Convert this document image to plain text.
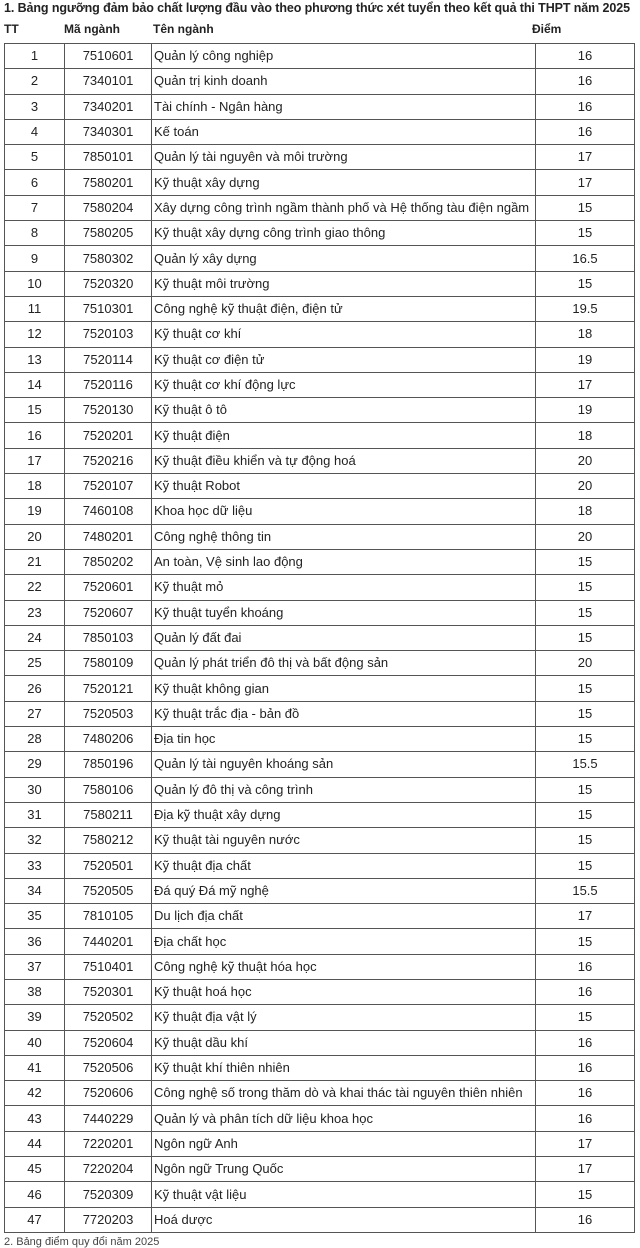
1. Bảng ngưỡng đảm bảo chất lượng đầu vào theo phương thức xét tuyển theo kết quả thi THPT năm 2025
TT	Mã ngành	Tên ngành	Điểm
1	7510601	Quản lý công nghiệp	16
2	7340101	Quản trị kinh doanh	16
3	7340201	Tài chính - Ngân hàng	16
4	7340301	Kế toán	16
5	7850101	Quản lý tài nguyên và môi trường	17
6	7580201	Kỹ thuật xây dựng	17
7	7580204	Xây dựng công trình ngầm thành phố và Hệ thống tàu điện ngầm	15
8	7580205	Kỹ thuật xây dựng công trình giao thông	15
9	7580302	Quản lý xây dựng	16.5
10	7520320	Kỹ thuật môi trường	15
11	7510301	Công nghệ kỹ thuật điện, điện tử	19.5
12	7520103	Kỹ thuật cơ khí	18
13	7520114	Kỹ thuật cơ điện tử	19
14	7520116	Kỹ thuật cơ khí động lực	17
15	7520130	Kỹ thuật ô tô	19
16	7520201	Kỹ thuật điện	18
17	7520216	Kỹ thuật điều khiển và tự động hoá	20
18	7520107	Kỹ thuật Robot	20
19	7460108	Khoa học dữ liệu	18
20	7480201	Công nghệ thông tin	20
21	7850202	An toàn, Vệ sinh lao động	15
22	7520601	Kỹ thuật mỏ	15
23	7520607	Kỹ thuật tuyển khoáng	15
24	7850103	Quản lý đất đai	15
25	7580109	Quản lý phát triển đô thị và bất động sản	20
26	7520121	Kỹ thuật không gian	15
27	7520503	Kỹ thuật trắc địa - bản đồ	15
28	7480206	Địa tin học	15
29	7850196	Quản lý tài nguyên khoáng sản	15.5
30	7580106	Quản lý đô thị và công trình	15
31	7580211	Địa kỹ thuật xây dựng	15
32	7580212	Kỹ thuật tài nguyên nước	15
33	7520501	Kỹ thuật địa chất	15
34	7520505	Đá quý Đá mỹ nghệ	15.5
35	7810105	Du lịch địa chất	17
36	7440201	Địa chất học	15
37	7510401	Công nghệ kỹ thuật hóa học	16
38	7520301	Kỹ thuật hoá học	16
39	7520502	Kỹ thuật địa vật lý	15
40	7520604	Kỹ thuật dầu khí	16
41	7520506	Kỹ thuật khí thiên nhiên	16
42	7520606	Công nghệ số trong thăm dò và khai thác tài nguyên thiên nhiên	16
43	7440229	Quản lý và phân tích dữ liệu khoa học	16
44	7220201	Ngôn ngữ Anh	17
45	7220204	Ngôn ngữ Trung Quốc	17
46	7520309	Kỹ thuật vật liệu	15
47	7720203	Hoá dược	16
2. Bảng điểm quy đổi năm 2025
